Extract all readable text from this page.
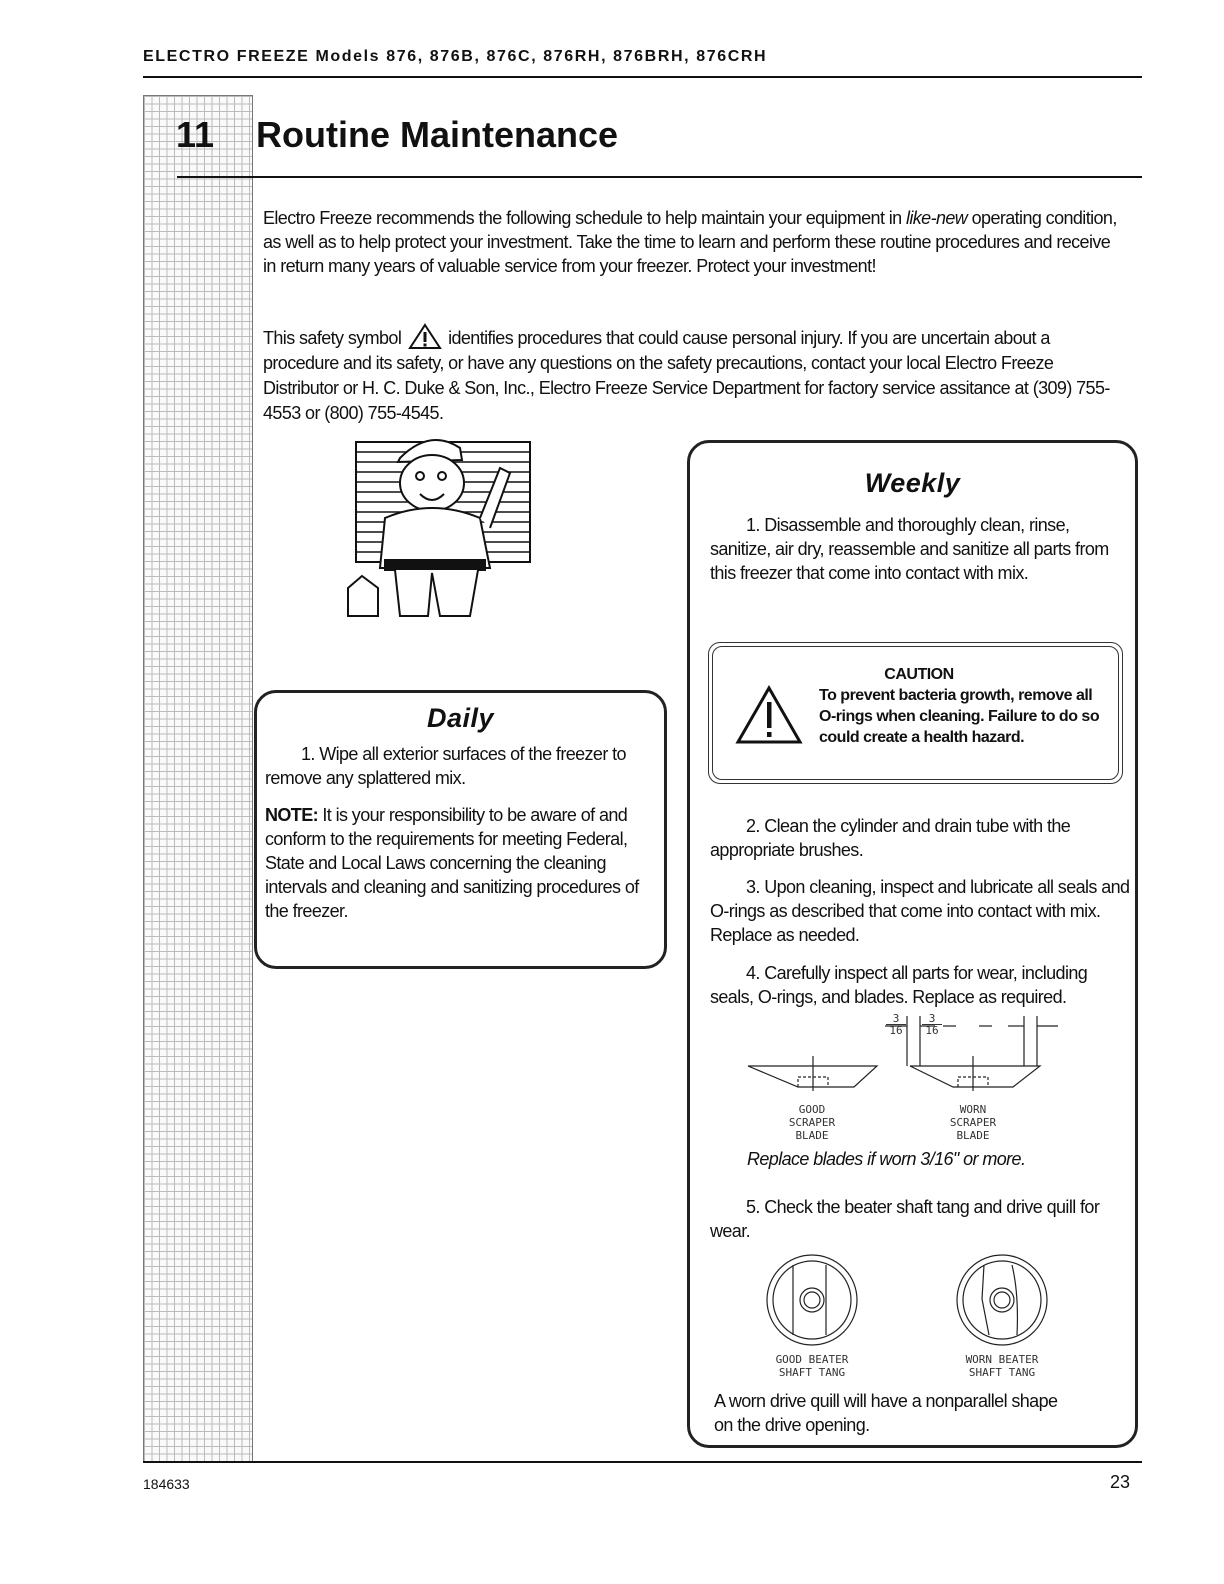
ELECTRO FREEZE Models 876, 876B, 876C, 876RH, 876BRH, 876CRH
11 Routine Maintenance

Electro Freeze recommends the following schedule to help maintain your equipment in like-new operating condition, as well as to help protect your investment. Take the time to learn and perform these routine procedures and receive in return many years of valuable service from your freezer. Protect your investment!

This safety symbol	identifies procedures that could cause personal injury. If you are uncertain about a procedure and its safety, or have any questions on the safety precautions, contact your local Electro Freeze Distributor or H. C. Duke & Son, Inc., Electro Freeze Service Department for factory service assitance at (309) 755-4553 or (800) 755-4545.

Daily

1. Wipe all exterior surfaces of the freezer to remove any splattered mix.

NOTE: It is your responsibility to be aware of and conform to the requirements for meeting Federal, State and Local Laws concerning the cleaning intervals and cleaning and sanitizing procedures of the freezer.

Weekly

1. Disassemble and thoroughly clean, rinse, sanitize, air dry, reassemble and sanitize all parts from this freezer that come into contact with mix.

CAUTION
To prevent bacteria growth, remove all O-rings when cleaning. Failure to do so could create a health hazard.

2. Clean the cylinder and drain tube with the appropriate brushes.

3. Upon cleaning, inspect and lubricate all seals and O-rings as described that come into contact with mix. Replace as needed.

4. Carefully inspect all parts for wear, including seals, O-rings, and blades. Replace as required.

3
16
3
16
GOOD
SCRAPER
BLADE
WORN
SCRAPER
BLADE

Replace blades if worn 3/16" or more.

5. Check the beater shaft tang and drive quill for wear.

GOOD BEATER
SHAFT TANG
WORN BEATER
SHAFT TANG

A worn drive quill will have a nonparallel shape on the drive opening.

184633	23
